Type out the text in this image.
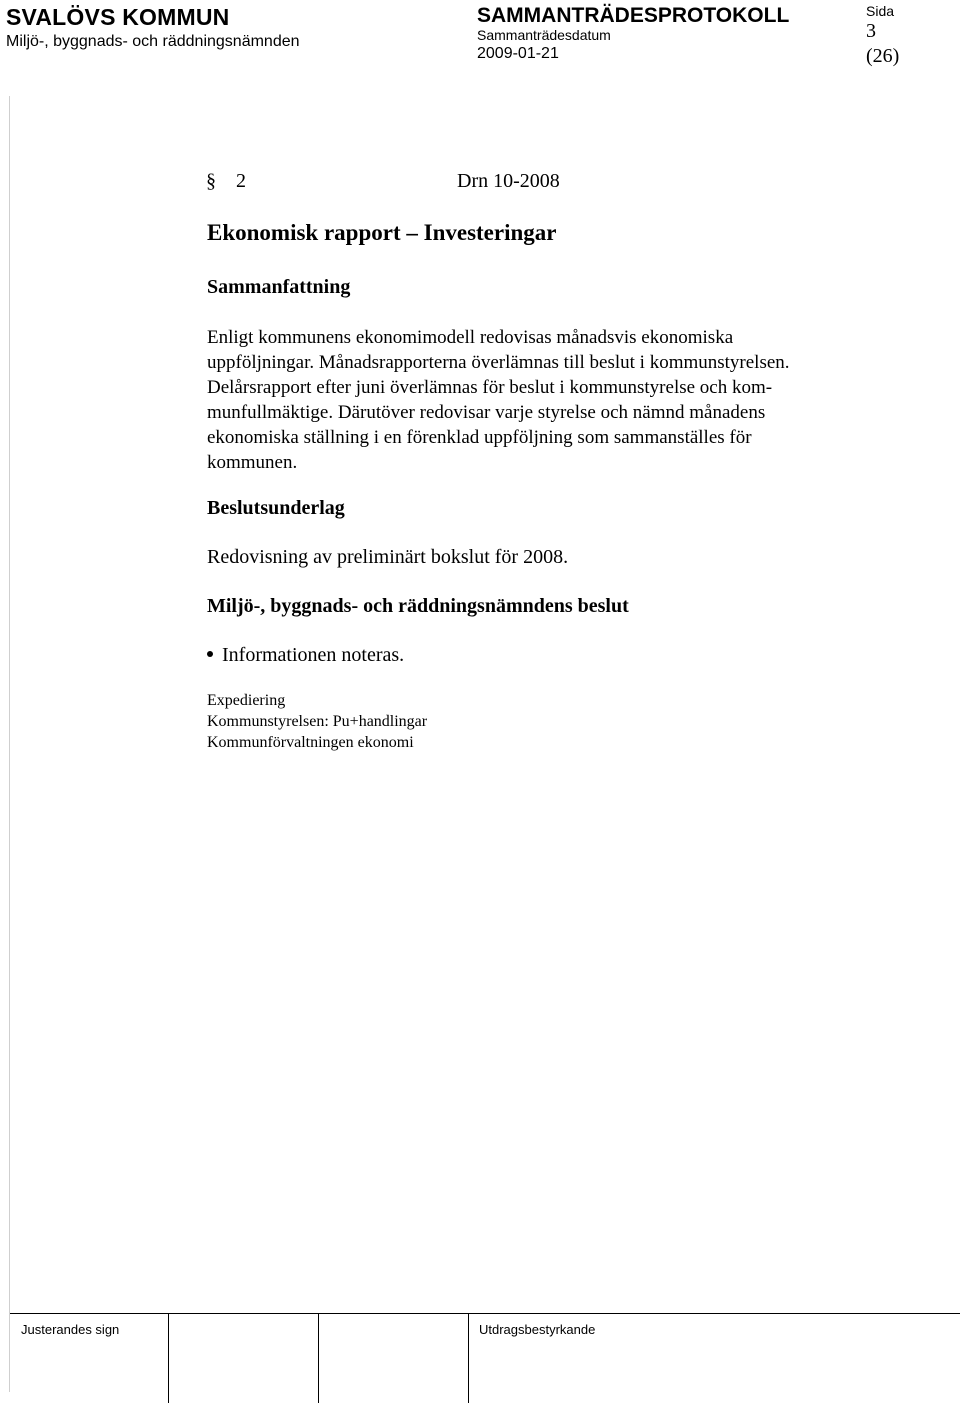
SVALÖVS KOMMUN
Miljö-, byggnads- och räddningsnämnden
SAMMANTRÄDESPROTOKOLL
Sammanträdesdatum
2009-01-21
Sida
3
(26)
§ 2	Drn 10-2008
Ekonomisk rapport – Investeringar
Sammanfattning

Enligt kommunens ekonomimodell redovisas månadsvis ekonomiska
uppföljningar. Månadsrapporterna överlämnas till beslut i kommunstyrelsen.
Delårsrapport efter juni överlämnas för beslut i kommunstyrelse och kom-
munfullmäktige. Därutöver redovisar varje styrelse och nämnd månadens
ekonomiska ställning i en förenklad uppföljning som sammanställes för
kommunen.

Beslutsunderlag
Redovisning av preliminärt bokslut för 2008.
Miljö-, byggnads- och räddningsnämndens beslut
Informationen noteras.
Expediering
Kommunstyrelsen: Pu+handlingar
Kommunförvaltningen ekonomi
Justerandes sign	Utdragsbestyrkande
